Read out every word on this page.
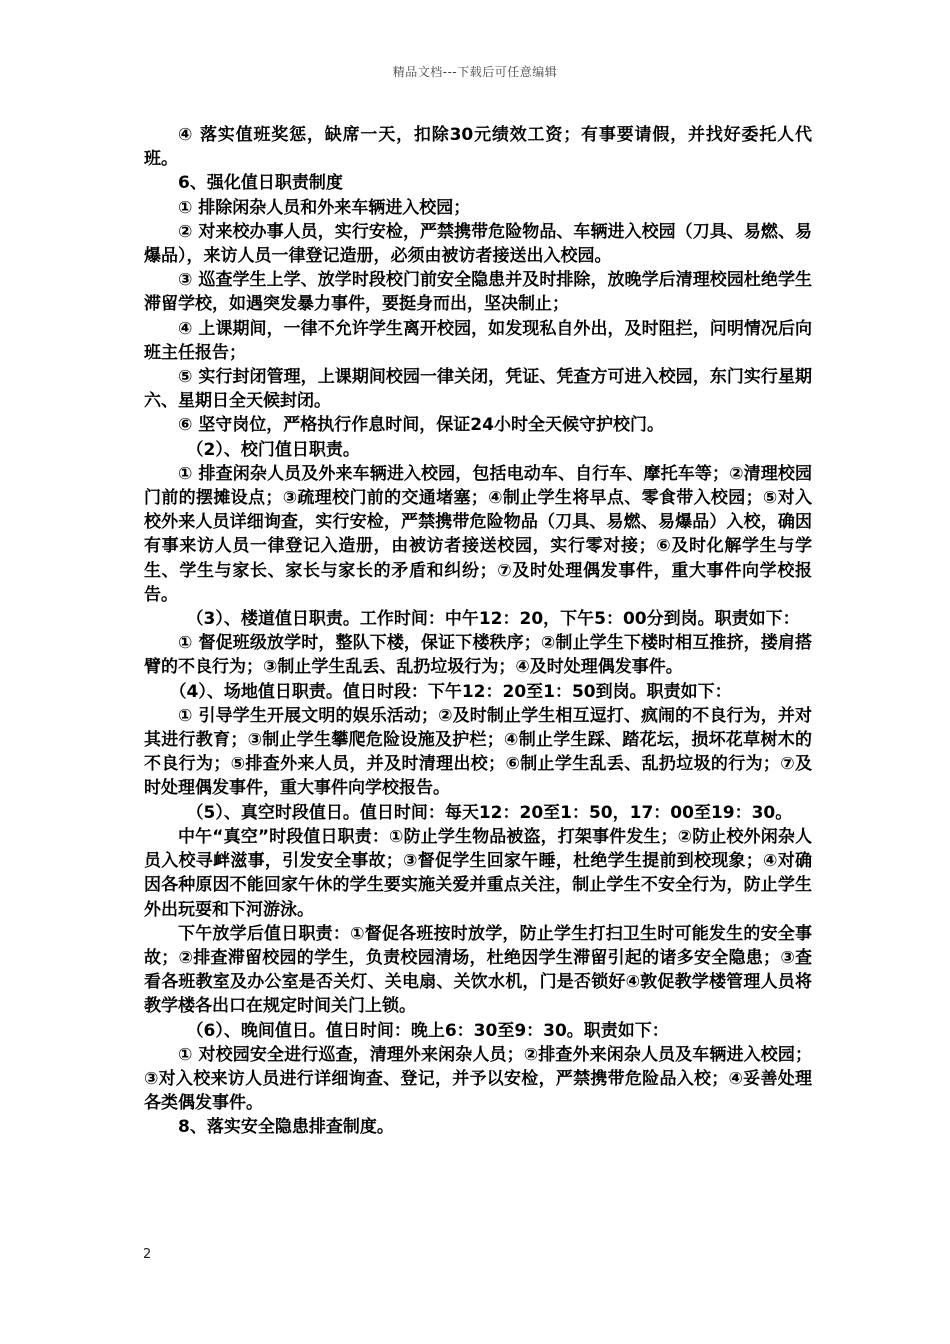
精品文档---下载后可任意编辑

④ 落实值班奖惩，缺席一天，扣除30元绩效工资；有事要请假，并找好委托人代班。

6、强化值日职责制度

① 排除闲杂人员和外来车辆进入校园；

② 对来校办事人员，实行安检，严禁携带危险物品、车辆进入校园（刀具、易燃、易爆品），来访人员一律登记造册，必须由被访者接送出入校园。

③ 巡查学生上学、放学时段校门前安全隐患并及时排除，放晚学后清理校园杜绝学生滞留学校，如遇突发暴力事件，要挺身而出，坚决制止；

④ 上课期间，一律不允许学生离开校园，如发现私自外出，及时阻拦，问明情况后向班主任报告；

⑤ 实行封闭管理，上课期间校园一律关闭，凭证、凭查方可进入校园，东门实行星期六、星期日全天候封闭。

⑥ 坚守岗位，严格执行作息时间，保证24小时全天候守护校门。

（2）、校门值日职责。

① 排查闲杂人员及外来车辆进入校园，包括电动车、自行车、摩托车等；②清理校园门前的摆摊设点；③疏理校门前的交通堵塞；④制止学生将早点、零食带入校园；⑤对入校外来人员详细询查，实行安检，严禁携带危险物品（刀具、易燃、易爆品）入校，确因有事来访人员一律登记入造册，由被访者接送校园，实行零对接；⑥及时化解学生与学生、学生与家长、家长与家长的矛盾和纠纷；⑦及时处理偶发事件，重大事件向学校报告。

（3）、楼道值日职责。工作时间：中午12：20，下午5：00分到岗。职责如下：

① 督促班级放学时，整队下楼，保证下楼秩序；②制止学生下楼时相互推挤，搂肩搭臂的不良行为；③制止学生乱丢、乱扔垃圾行为；④及时处理偶发事件。

（4）、场地值日职责。值日时段：下午12：20至1：50到岗。职责如下：

① 引导学生开展文明的娱乐活动；②及时制止学生相互逗打、疯闹的不良行为，并对其进行教育；③制止学生攀爬危险设施及护栏；④制止学生踩、踏花坛，损坏花草树木的不良行为；⑤排查外来人员，并及时清理出校；⑥制止学生乱丢、乱扔垃圾的行为；⑦及时处理偶发事件，重大事件向学校报告。

（5）、真空时段值日。值日时间：每天12：20至1：50，17：00至19：30。

中午“真空”时段值日职责：①防止学生物品被盗，打架事件发生；②防止校外闲杂人员入校寻衅滋事，引发安全事故；③督促学生回家午睡，杜绝学生提前到校现象；④对确因各种原因不能回家午休的学生要实施关爱并重点关注，制止学生不安全行为，防止学生外出玩耍和下河游泳。

下午放学后值日职责：①督促各班按时放学，防止学生打扫卫生时可能发生的安全事故；②排查滞留校园的学生，负责校园清场，杜绝因学生滞留引起的诸多安全隐患；③查看各班教室及办公室是否关灯、关电扇、关饮水机，门是否锁好④敦促教学楼管理人员将教学楼各出口在规定时间关门上锁。

（6）、晚间值日。值日时间：晚上6：30至9：30。职责如下：

① 对校园安全进行巡查，清理外来闲杂人员；②排查外来闲杂人员及车辆进入校园；③对入校来访人员进行详细询查、登记，并予以安检，严禁携带危险品入校；④妥善处理各类偶发事件。

8、落实安全隐患排查制度。

2
